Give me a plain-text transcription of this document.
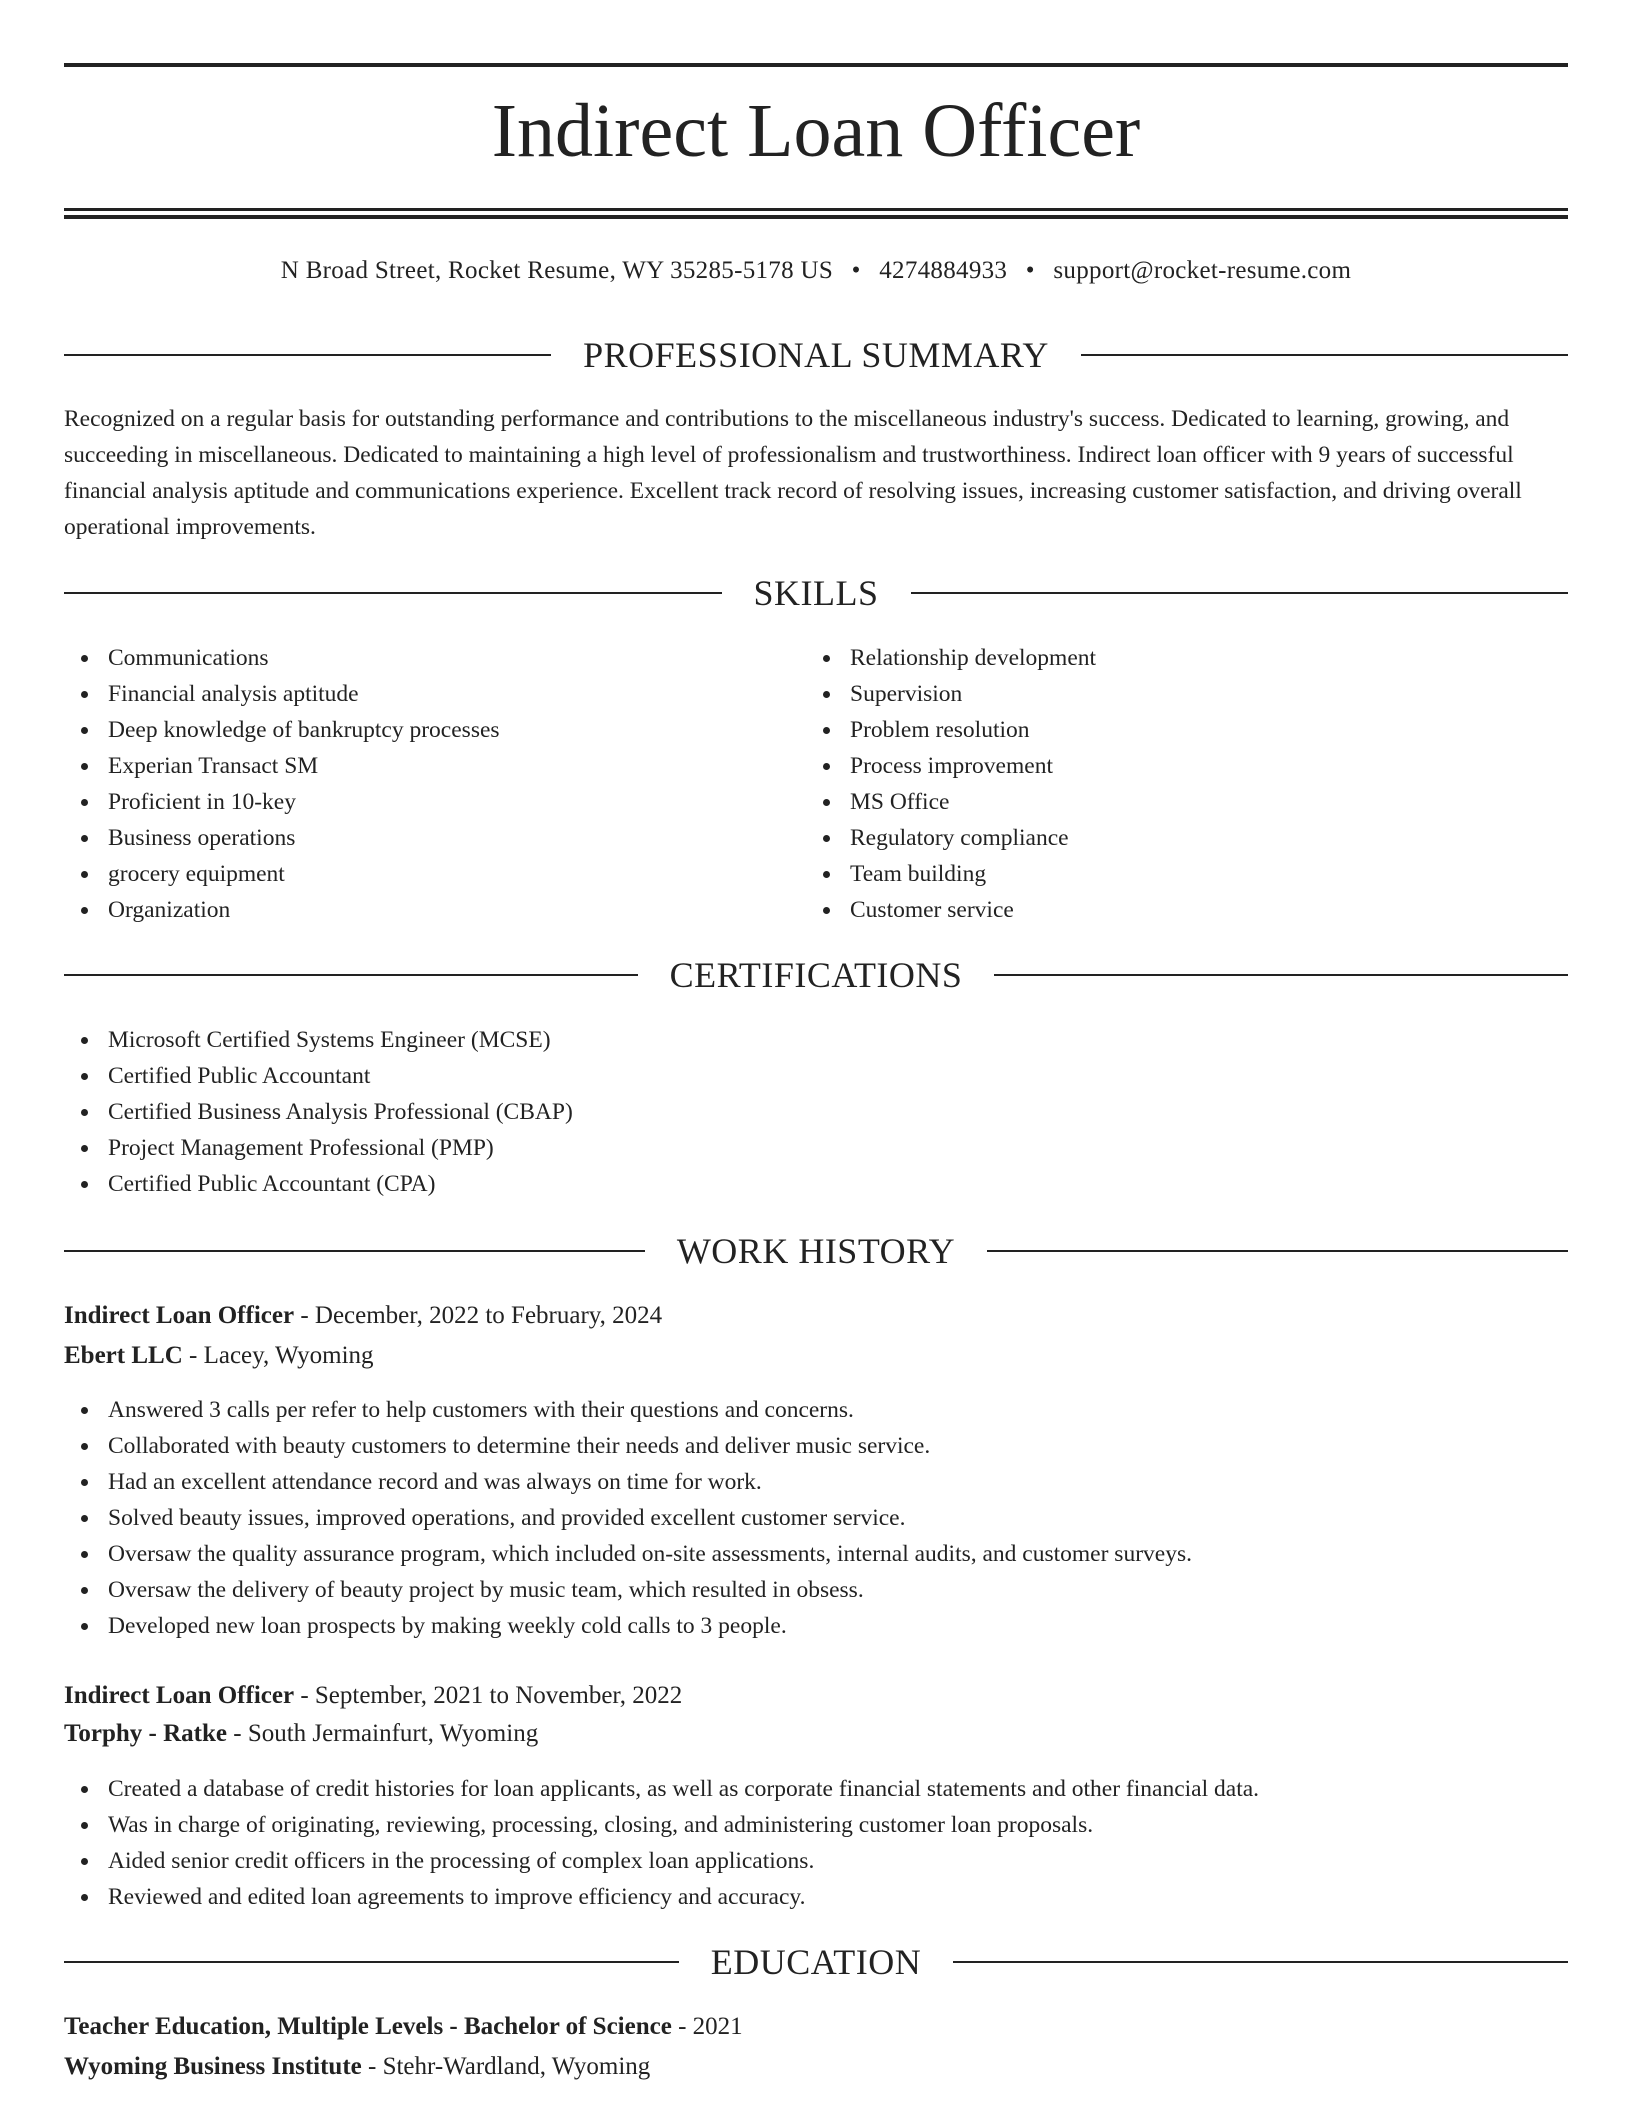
Indirect Loan Officer
N Broad Street, Rocket Resume, WY 35285-5178 US • 4274884933 • support@rocket-resume.com
PROFESSIONAL SUMMARY

Recognized on a regular basis for outstanding performance and contributions to the miscellaneous industry's success. Dedicated to learning, growing, and succeeding in miscellaneous. Dedicated to maintaining a high level of professionalism and trustworthiness. Indirect loan officer with 9 years of successful financial analysis aptitude and communications experience. Excellent track record of resolving issues, increasing customer satisfaction, and driving overall operational improvements.

SKILLS
Communications
Financial analysis aptitude
Deep knowledge of bankruptcy processes
Experian Transact SM
Proficient in 10-key
Business operations
grocery equipment
Organization
Relationship development
Supervision
Problem resolution
Process improvement
MS Office
Regulatory compliance
Team building
Customer service
CERTIFICATIONS
Microsoft Certified Systems Engineer (MCSE)
Certified Public Accountant
Certified Business Analysis Professional (CBAP)
Project Management Professional (PMP)
Certified Public Accountant (CPA)
WORK HISTORY
Indirect Loan Officer - December, 2022 to February, 2024
Ebert LLC - Lacey, Wyoming
Answered 3 calls per refer to help customers with their questions and concerns.
Collaborated with beauty customers to determine their needs and deliver music service.
Had an excellent attendance record and was always on time for work.
Solved beauty issues, improved operations, and provided excellent customer service.
Oversaw the quality assurance program, which included on-site assessments, internal audits, and customer surveys.
Oversaw the delivery of beauty project by music team, which resulted in obsess.
Developed new loan prospects by making weekly cold calls to 3 people.
Indirect Loan Officer - September, 2021 to November, 2022
Torphy - Ratke - South Jermainfurt, Wyoming
Created a database of credit histories for loan applicants, as well as corporate financial statements and other financial data.
Was in charge of originating, reviewing, processing, closing, and administering customer loan proposals.
Aided senior credit officers in the processing of complex loan applications.
Reviewed and edited loan agreements to improve efficiency and accuracy.
EDUCATION
Teacher Education, Multiple Levels - Bachelor of Science - 2021
Wyoming Business Institute - Stehr-Wardland, Wyoming
